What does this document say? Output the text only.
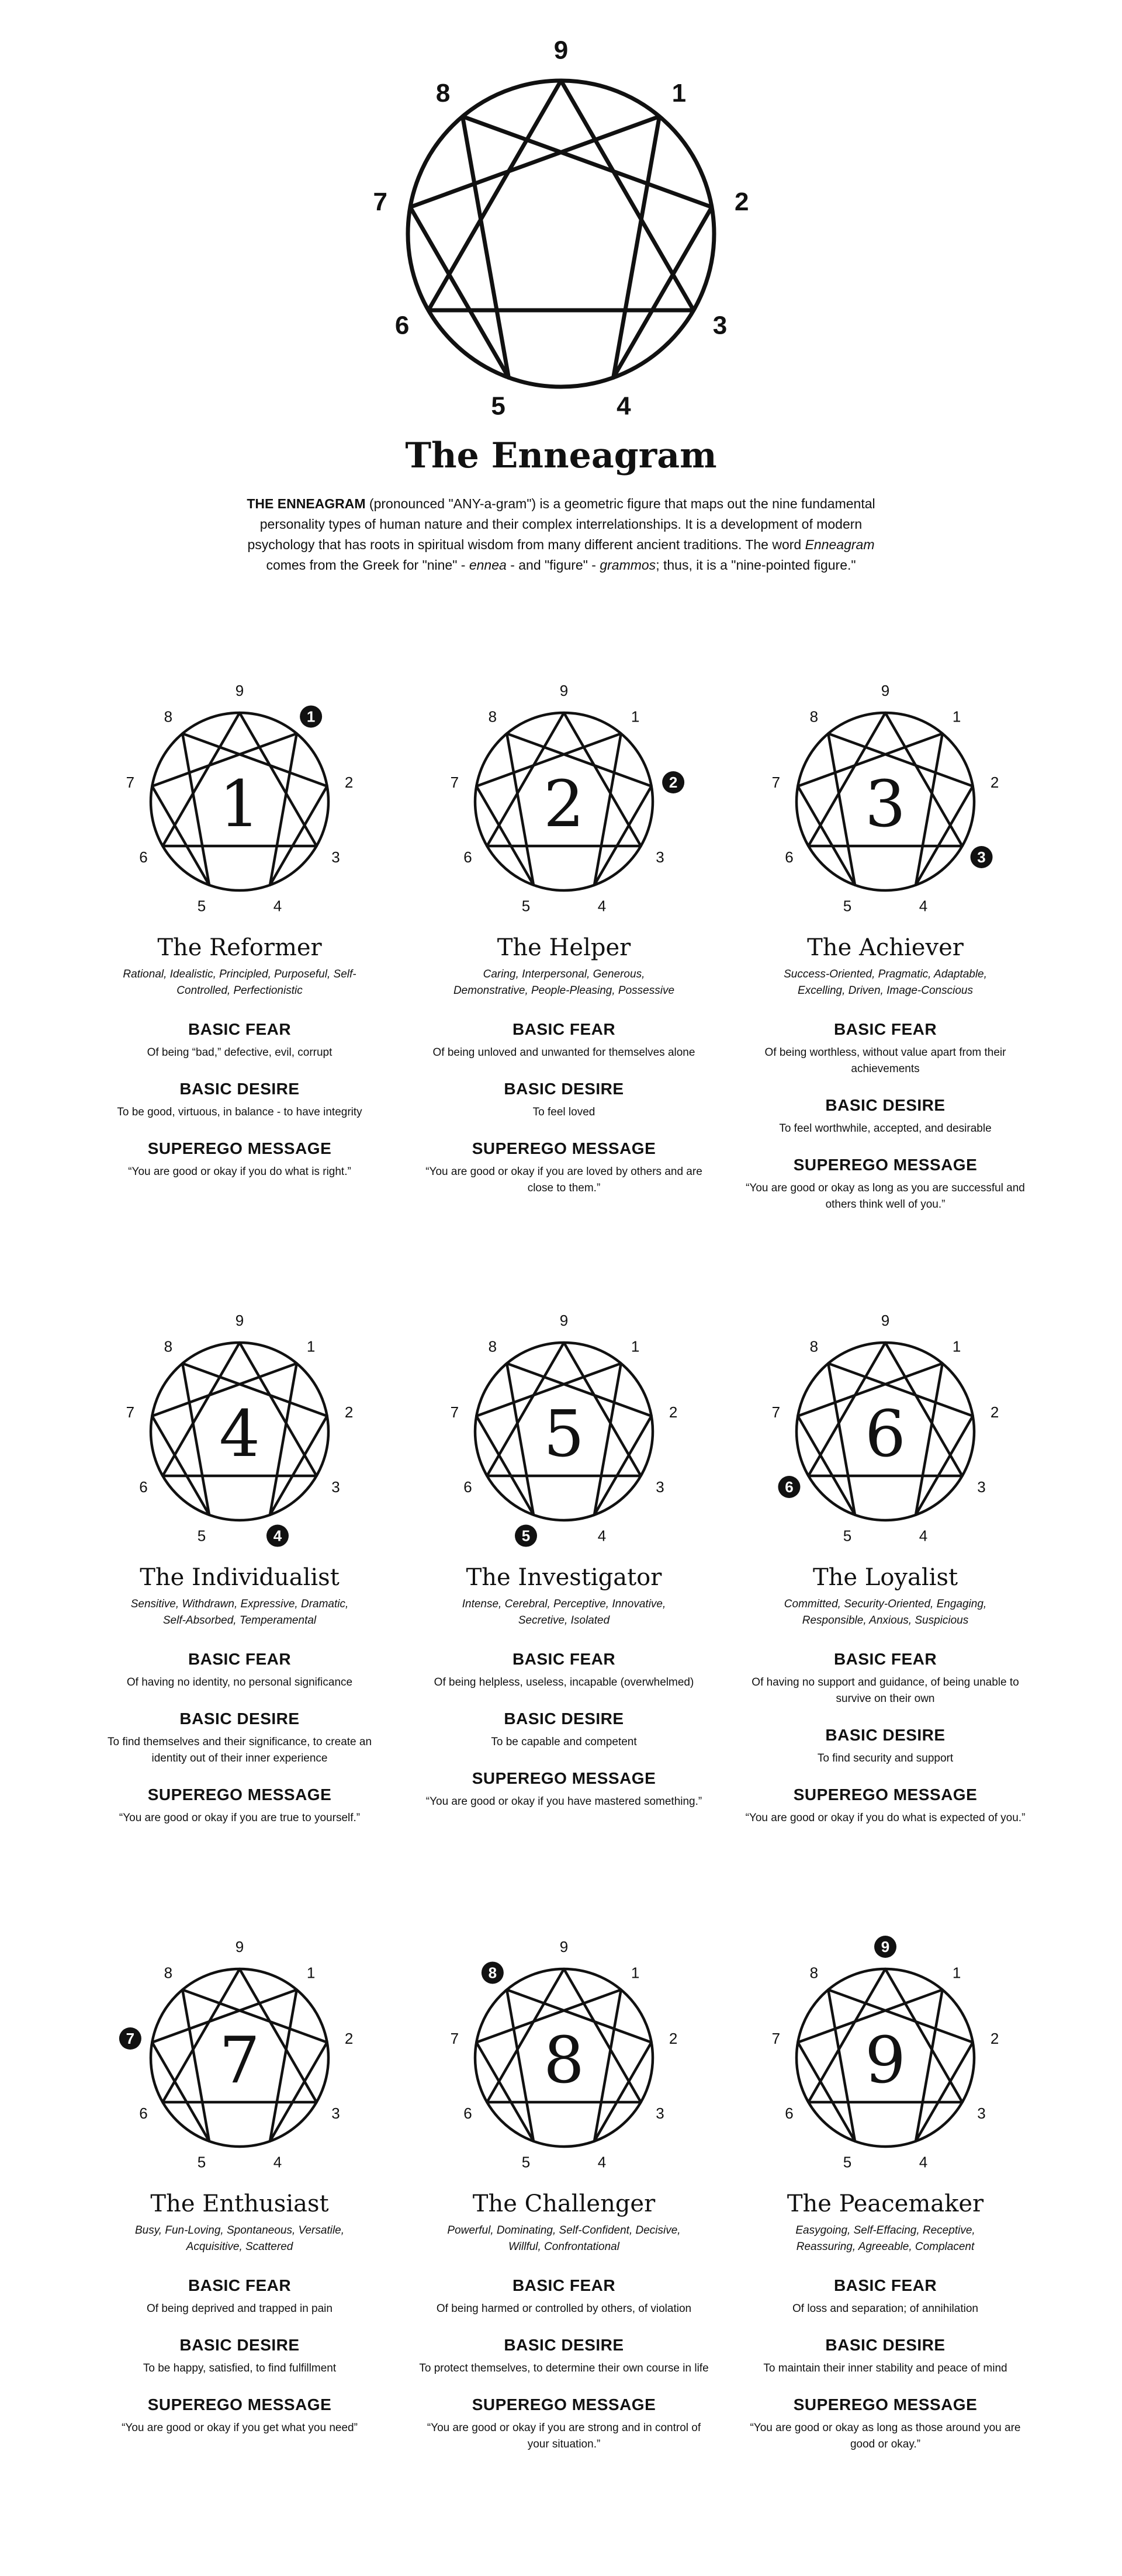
1
2
3
4
5
6
7
8
9
The Enneagram

THE ENNEAGRAM (pronounced "ANY-a-gram") is a geometric figure that maps out the nine fundamental personality types of human nature and their complex interrelationships. It is a development of modern psychology that has roots in spiritual wisdom from many different ancient traditions. The word Enneagram comes from the Greek for "nine" - ennea - and "figure" - grammos; thus, it is a "nine-pointed figure."

1
2
3
4
5
6
7
8
9
1
The Reformer

Rational, Idealistic, Principled, Purposeful, Self-Controlled, Perfectionistic

BASIC FEAR

Of being “bad,” defective, evil, corrupt

BASIC DESIRE

To be good, virtuous, in balance - to have integrity

SUPEREGO MESSAGE

“You are good or okay if you do what is right.”

1
2
3
4
5
6
7
8
9
2
The Helper

Caring, Interpersonal, Generous, Demonstrative, People-Pleasing, Possessive

BASIC FEAR

Of being unloved and unwanted for themselves alone

BASIC DESIRE

To feel loved

SUPEREGO MESSAGE

“You are good or okay if you are loved by others and are close to them.”

1
2
3
4
5
6
7
8
9
3
The Achiever

Success-Oriented, Pragmatic, Adaptable, Excelling, Driven, Image-Conscious

BASIC FEAR

Of being worthless, without value apart from their achievements

BASIC DESIRE

To feel worthwhile, accepted, and desirable

SUPEREGO MESSAGE

“You are good or okay as long as you are successful and others think well of you.”

1
2
3
4
5
6
7
8
9
4
The Individualist

Sensitive, Withdrawn, Expressive, Dramatic, Self-Absorbed, Temperamental

BASIC FEAR

Of having no identity, no personal significance

BASIC DESIRE

To find themselves and their significance, to create an identity out of their inner experience

SUPEREGO MESSAGE

“You are good or okay if you are true to yourself.”

1
2
3
4
5
6
7
8
9
5
The Investigator

Intense, Cerebral, Perceptive, Innovative, Secretive, Isolated

BASIC FEAR

Of being helpless, useless, incapable (overwhelmed)

BASIC DESIRE

To be capable and competent

SUPEREGO MESSAGE

“You are good or okay if you have mastered something.”

1
2
3
4
5
6
7
8
9
6
The Loyalist

Committed, Security-Oriented, Engaging, Responsible, Anxious, Suspicious

BASIC FEAR

Of having no support and guidance, of being unable to survive on their own

BASIC DESIRE

To find security and support

SUPEREGO MESSAGE

“You are good or okay if you do what is expected of you.”

1
2
3
4
5
6
7
8
9
7
The Enthusiast

Busy, Fun-Loving, Spontaneous, Versatile, Acquisitive, Scattered

BASIC FEAR

Of being deprived and trapped in pain

BASIC DESIRE

To be happy, satisfied, to find fulfillment

SUPEREGO MESSAGE

“You are good or okay if you get what you need”

1
2
3
4
5
6
7
8
9
8
The Challenger

Powerful, Dominating, Self-Confident, Decisive, Willful, Confrontational

BASIC FEAR

Of being harmed or controlled by others, of violation

BASIC DESIRE

To protect themselves, to determine their own course in life

SUPEREGO MESSAGE

“You are good or okay if you are strong and in control of your situation.”

1
2
3
4
5
6
7
8
9
9
The Peacemaker

Easygoing, Self-Effacing, Receptive, Reassuring, Agreeable, Complacent

BASIC FEAR

Of loss and separation; of annihilation

BASIC DESIRE

To maintain their inner stability and peace of mind

SUPEREGO MESSAGE

“You are good or okay as long as those around you are good or okay.”
